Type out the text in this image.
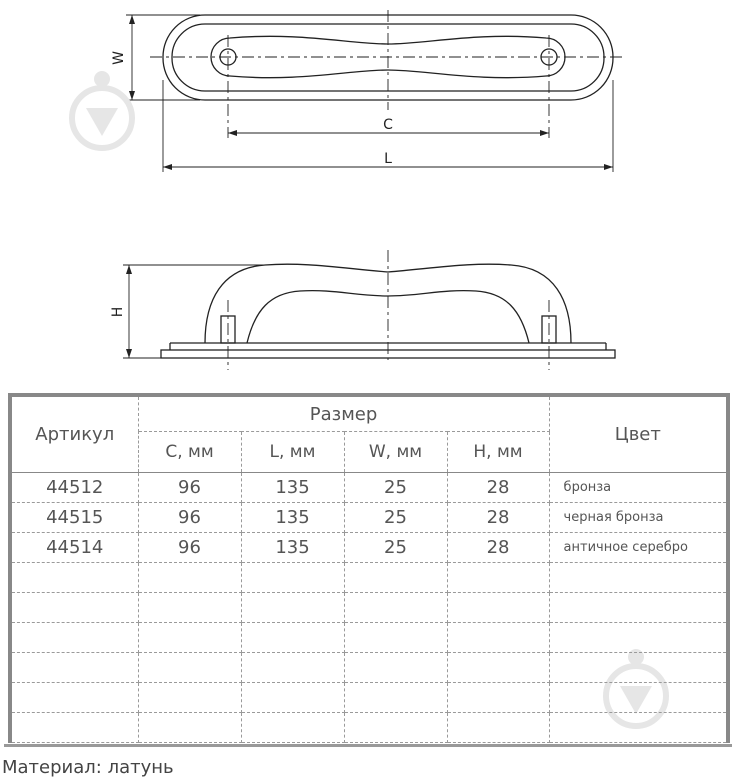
W
C
L
H
Артикул	Размер				Цвет
	C, мм	L, мм	W, мм	H, мм	
44512	96	135	25	28	бронза
44515	96	135	25	28	черная бронза
44514	96	135	25	28	античное серебро

Материал: латунь
